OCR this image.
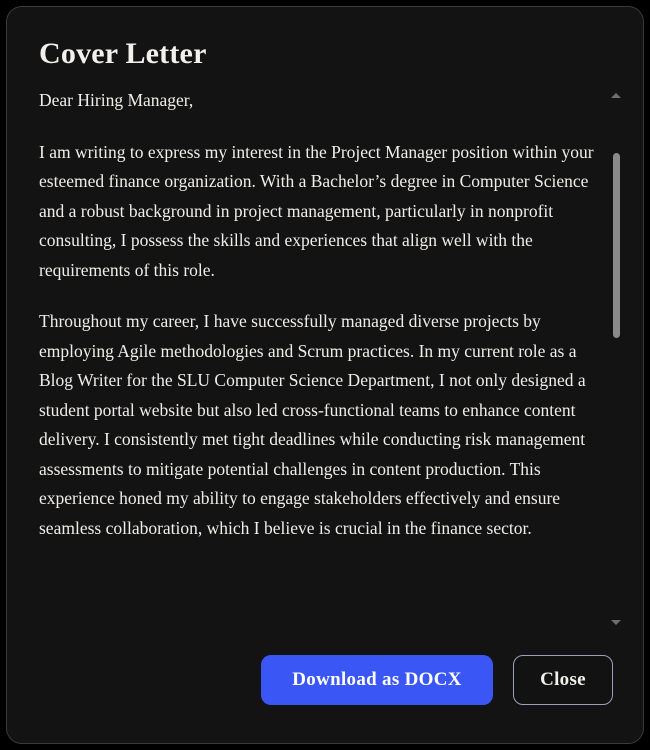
Cover Letter

Dear Hiring Manager,

I am writing to express my interest in the Project Manager position within your esteemed finance organization. With a Bachelor’s degree in Computer Science and a robust background in project management, particularly in nonprofit consulting, I possess the skills and experiences that align well with the requirements of this role.

Throughout my career, I have successfully managed diverse projects by employing Agile methodologies and Scrum practices. In my current role as a Blog Writer for the SLU Computer Science Department, I not only designed a student portal website but also led cross-functional teams to enhance content delivery. I consistently met tight deadlines while conducting risk management assessments to mitigate potential challenges in content production. This experience honed my ability to engage stakeholders effectively and ensure seamless collaboration, which I believe is crucial in the finance sector.

Download as DOCX	Close
